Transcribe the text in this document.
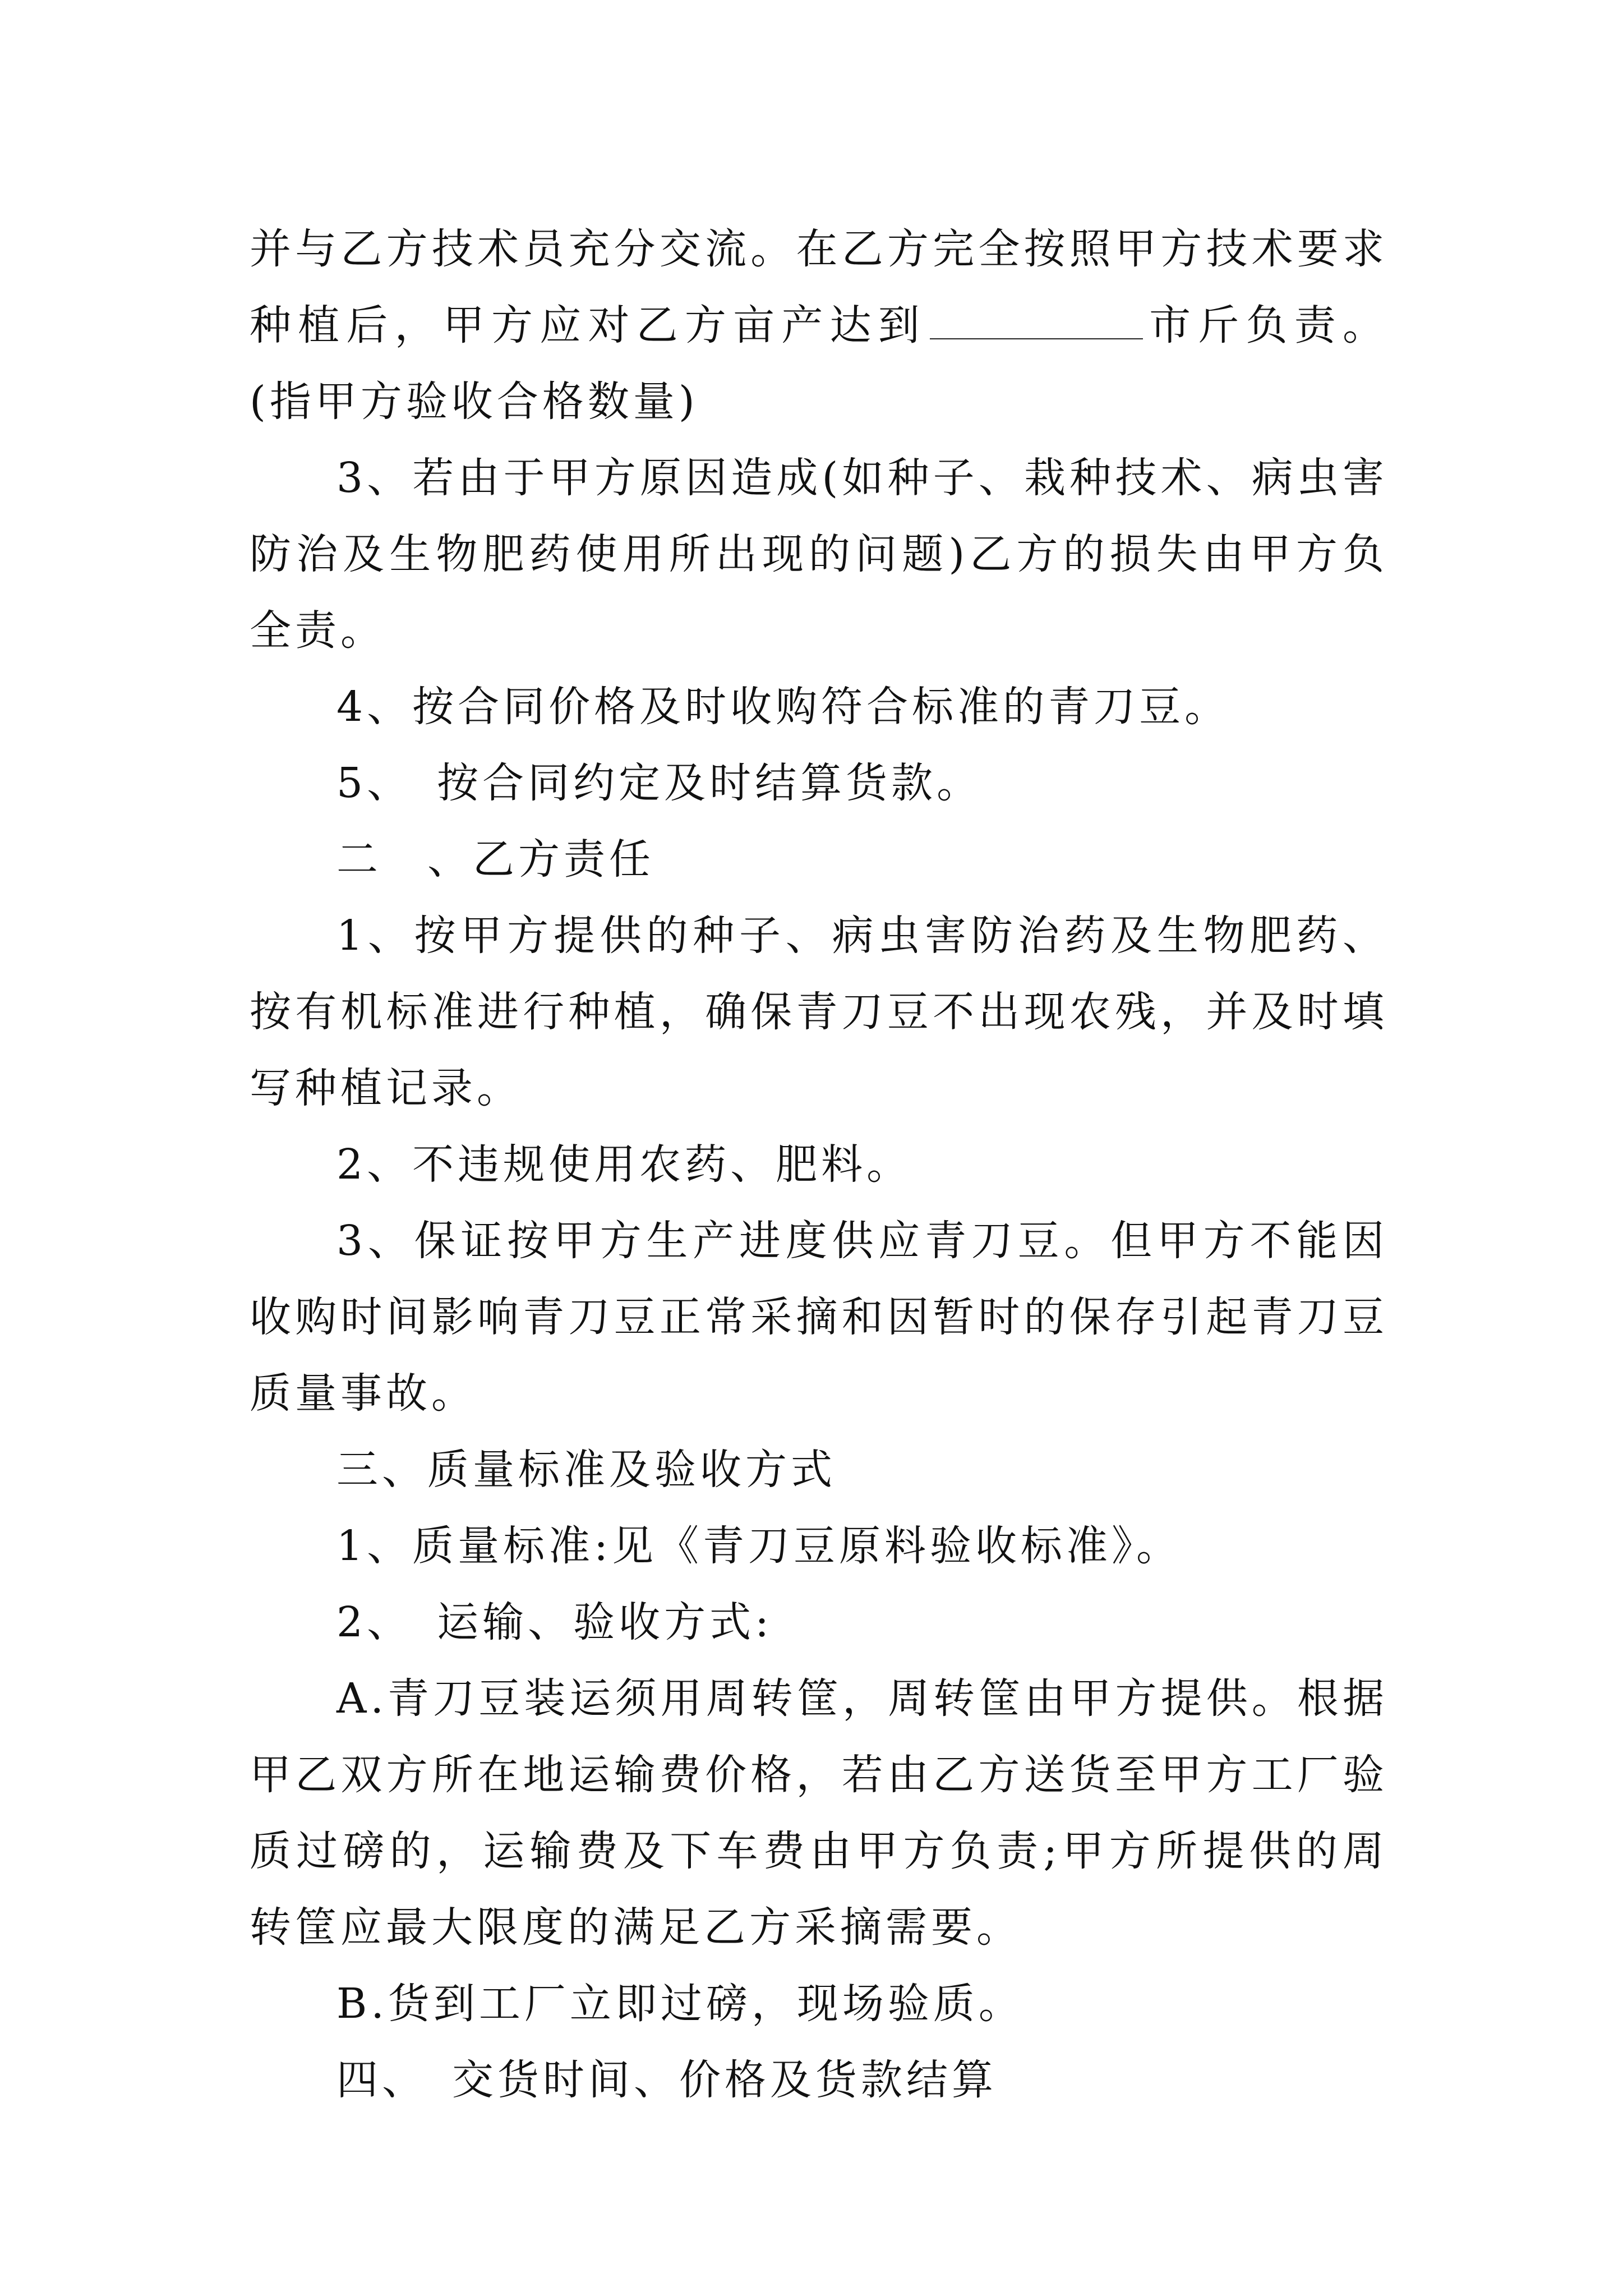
并与乙方技术员充分交流。在乙方完全按照甲方技术要求种植后，甲方应对乙方亩产达到	市斤负责。(指甲方验收合格数量)

3、若由于甲方原因造成(如种子、栽种技术、病虫害防治及生物肥药使用所出现的问题)乙方的损失由甲方负全责。

4、按合同价格及时收购符合标准的青刀豆。

5、　按合同约定及时结算货款。

二　、乙方责任

1、按甲方提供的种子、病虫害防治药及生物肥药、按有机标准进行种植，确保青刀豆不出现农残，并及时填写种植记录。

2、不违规使用农药、肥料。

3、保证按甲方生产进度供应青刀豆。但甲方不能因收购时间影响青刀豆正常采摘和因暂时的保存引起青刀豆质量事故。

三、质量标准及验收方式

1、质量标准:见《青刀豆原料验收标准》。

2、　运输、验收方式:

A.青刀豆装运须用周转筐，周转筐由甲方提供。根据甲乙双方所在地运输费价格，若由乙方送货至甲方工厂验质过磅的，运输费及下车费由甲方负责;甲方所提供的周转筐应最大限度的满足乙方采摘需要。

B.货到工厂立即过磅，现场验质。

四、　交货时间、价格及货款结算
